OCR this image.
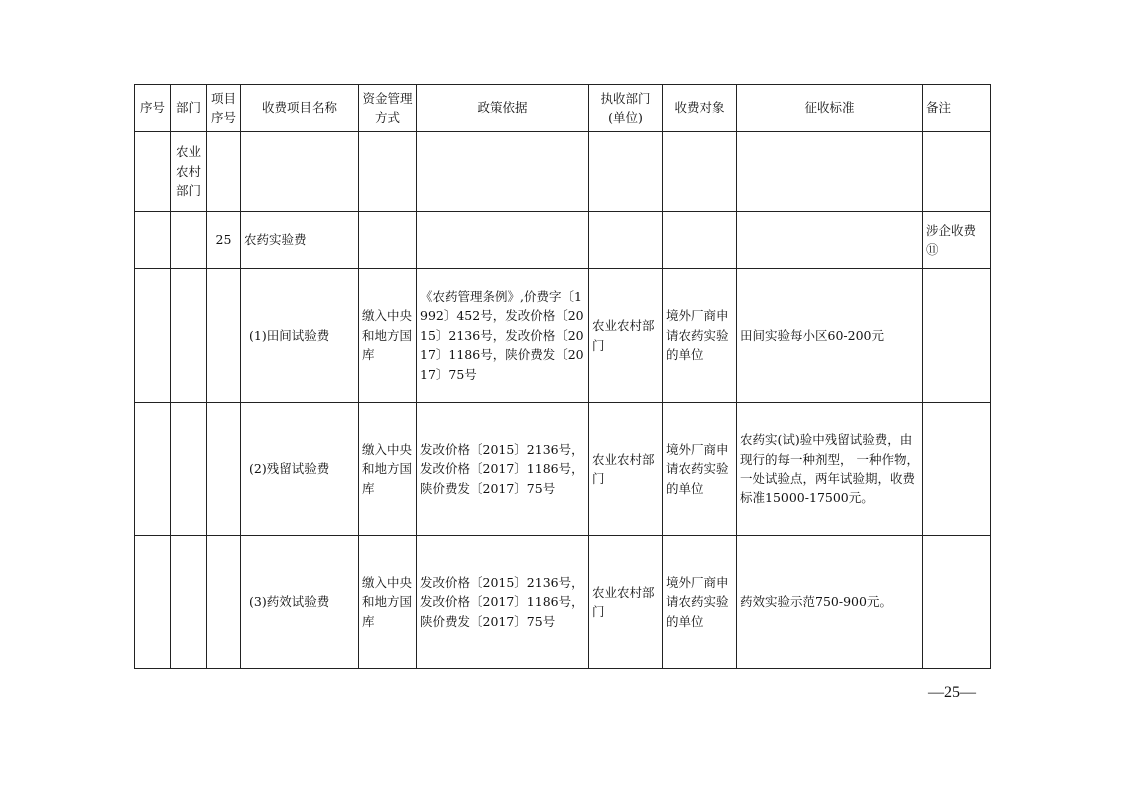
序号	部门	项目序号	收费项目名称	资金管理方式	政策依据	执收部门(单位)	收费对象	征收标准	备注
	农业农村部门								
		25	农药实验费						涉企收费⑪
			(1)田间试验费	缴入中央和地方国库	《农药管理条例》,价费字〔1992〕452号，发改价格〔2015〕2136号，发改价格〔2017〕1186号，陕价费发〔2017〕75号	农业农村部门	境外厂商申请农药实验的单位	田间实验每小区60-200元	
			(2)残留试验费	缴入中央和地方国库	发改价格〔2015〕2136号，发改价格〔2017〕1186号，陕价费发〔2017〕75号	农业农村部门	境外厂商申请农药实验的单位	农药实(试)验中残留试验费，由现行的每一种剂型， 一种作物， 一处试验点，两年试验期，收费标准15000-17500元。	
			(3)药效试验费	缴入中央和地方国库	发改价格〔2015〕2136号，发改价格〔2017〕1186号，陕价费发〔2017〕75号	农业农村部门	境外厂商申请农药实验的单位	药效实验示范750-900元。	
—25—
